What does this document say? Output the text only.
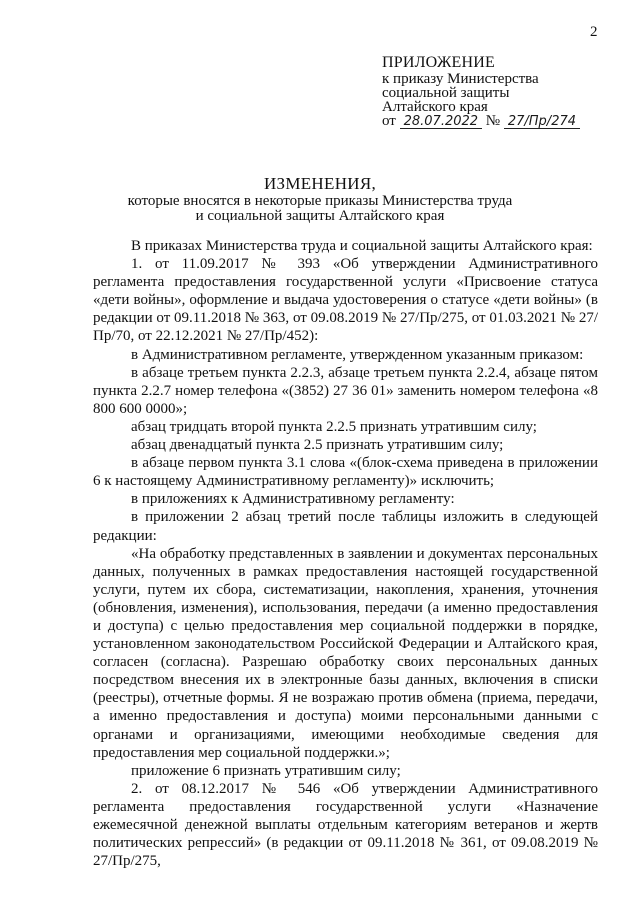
2
ПРИЛОЖЕНИЕ
к приказу Министерства
социальной защиты
Алтайского края
от 28.07.2022 № 27/Пр/274
ИЗМЕНЕНИЯ,
которые вносятся в некоторые приказы Министерства труда
и социальной защиты Алтайского края

В приказах Министерства труда и социальной защиты Алтайского края:

1. от 11.09.2017 № 393 «Об утверждении Административного регламента предоставления государственной услуги «Присвоение статуса «дети войны», оформление и выдача удостоверения о статусе «дети войны» (в редакции от 09.11.2018 № 363, от 09.08.2019 № 27/Пр/275, от 01.03.2021 № 27/Пр/70, от 22.12.2021 № 27/Пр/452):

в Административном регламенте, утвержденном указанным приказом:

в абзаце третьем пункта 2.2.3, абзаце третьем пункта 2.2.4, абзаце пятом пункта 2.2.7 номер телефона «(3852) 27 36 01» заменить номером телефона «8 800 600 0000»;

абзац тридцать второй пункта 2.2.5 признать утратившим силу;

абзац двенадцатый пункта 2.5 признать утратившим силу;

в абзаце первом пункта 3.1 слова «(блок-схема приведена в приложении 6 к настоящему Административному регламенту)» исключить;

в приложениях к Административному регламенту:

в приложении 2 абзац третий после таблицы изложить в следующей редакции:

«На обработку представленных в заявлении и документах персональных данных, полученных в рамках предоставления настоящей государственной услуги, путем их сбора, систематизации, накопления, хранения, уточнения (обновления, изменения), использования, передачи (а именно предоставления и доступа) с целью предоставления мер социальной поддержки в порядке, установленном законодательством Российской Федерации и Алтайского края, согласен (согласна). Разрешаю обработку своих персональных данных посредством внесения их в электронные базы данных, включения в списки (реестры), отчетные формы. Я не возражаю против обмена (приема, передачи, а именно предоставления и доступа) моими персональными данными с органами и организациями, имеющими необходимые сведения для предоставления мер социальной поддержки.»;

приложение 6 признать утратившим силу;

2. от 08.12.2017 № 546 «Об утверждении Административного регламента предоставления государственной услуги «Назначение ежемесячной денежной выплаты отдельным категориям ветеранов и жертв политических репрессий» (в редакции от 09.11.2018 № 361, от 09.08.2019 № 27/Пр/275,
